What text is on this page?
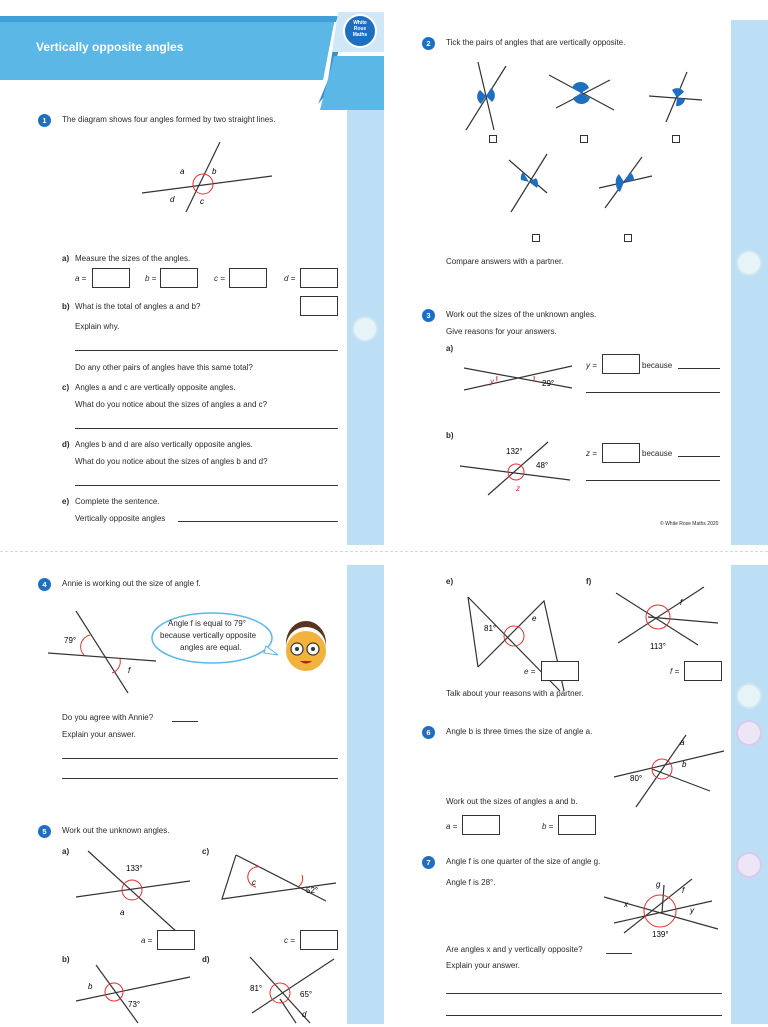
Vertically opposite angles
1	The diagram shows four angles formed by two straight lines.
a	b
c
d
a) Measure the sizes of the angles.
a =	b =	c =	d =
b) What is the total of angles a and b?
Explain why.
Do any other pairs of angles have this same total?
c) Angles a and c are vertically opposite angles.
What do you notice about the sizes of angles a and c?
d) Angles b and d are also vertically opposite angles.
What do you notice about the sizes of angles b and d?
e) Complete the sentence.
Vertically opposite angles
White
Rose
Maths
2	Tick the pairs of angles that are vertically opposite.
Compare answers with a partner.
3	Work out the sizes of the unknown angles.
Give reasons for your answers.
a)
y	29°
y =	because
b)
132°
48°
z
z =	because
© White Rose Maths 2020
4	Annie is working out the size of angle f.
79°
f
Angle f is equal to 79°
because vertically opposite
angles are equal.
Do you agree with Annie?
Explain your answer.
5	Work out the unknown angles.
a)
133°
a
a =
c)
c
52°
c =
b)
b
73°
d)
81°
65°
d
e)
81°
e
e =
f)
f
113°
f =
Talk about your reasons with a partner.
6	Angle b is three times the size of angle a.
80°
a
b
Work out the sizes of angles a and b.
a =	b =
7	Angle f is one quarter of the size of angle g.
Angle f is 28°.	g
f
x
y
139°
Are angles x and y vertically opposite?
Explain your answer.
